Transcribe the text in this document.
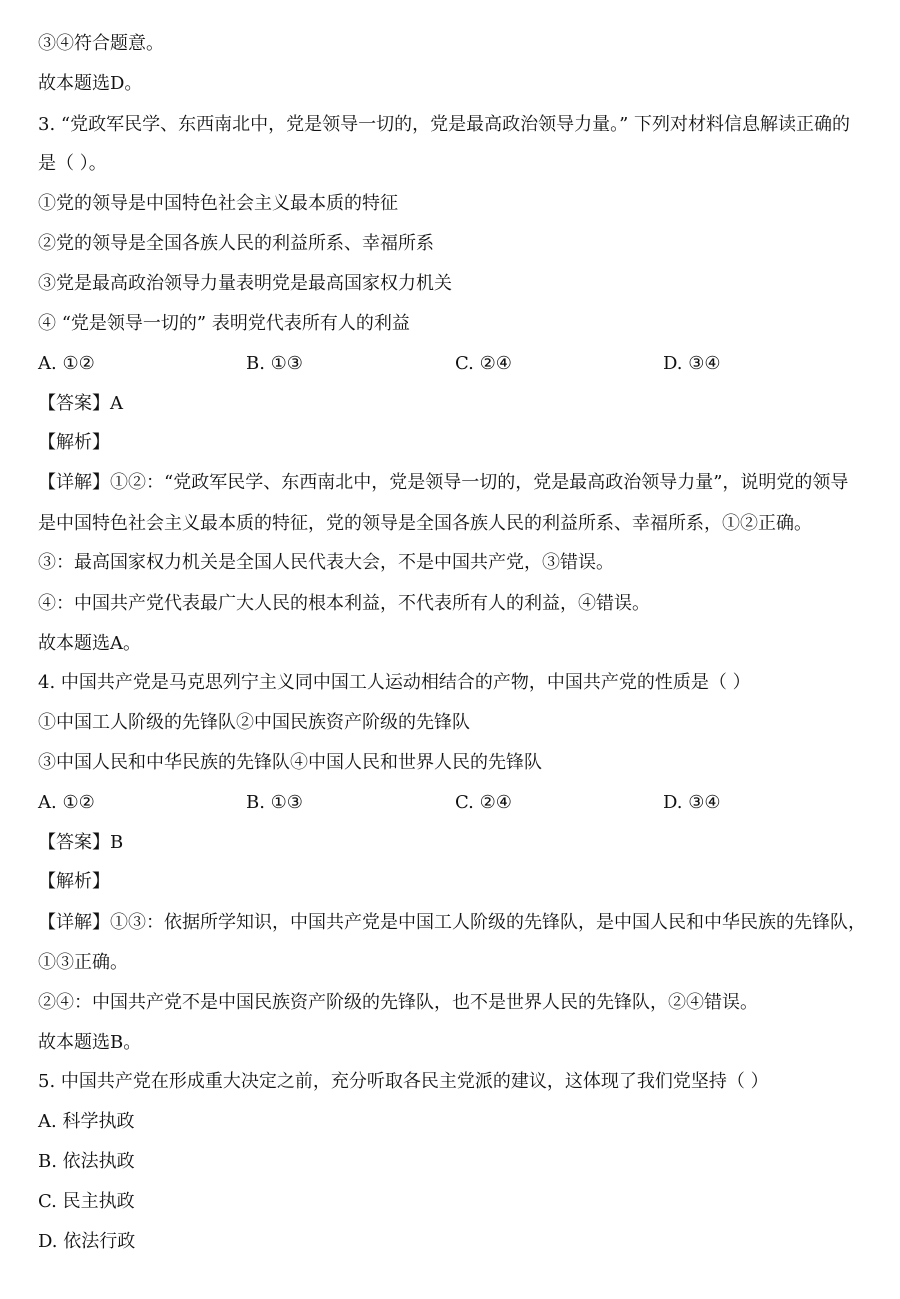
③④符合题意。
故本题选D。
3. “党政军民学、东西南北中，党是领导一切的，党是最高政治领导力量。” 下列对材料信息解读正确的
是（ ）。
①党的领导是中国特色社会主义最本质的特征
②党的领导是全国各族人民的利益所系、幸福所系
③党是最高政治领导力量表明党是最高国家权力机关
④ “党是领导一切的” 表明党代表所有人的利益
A. ①②	B. ①③	C. ②④	D. ③④
【答案】A
【解析】
【详解】①②：“党政军民学、东西南北中，党是领导一切的，党是最高政治领导力量”，说明党的领导
是中国特色社会主义最本质的特征，党的领导是全国各族人民的利益所系、幸福所系，①②正确。
③：最高国家权力机关是全国人民代表大会，不是中国共产党，③错误。
④：中国共产党代表最广大人民的根本利益，不代表所有人的利益，④错误。
故本题选A。
4. 中国共产党是马克思列宁主义同中国工人运动相结合的产物，中国共产党的性质是（ ）
①中国工人阶级的先锋队②中国民族资产阶级的先锋队
③中国人民和中华民族的先锋队④中国人民和世界人民的先锋队
A. ①②	B. ①③	C. ②④	D. ③④
【答案】B
【解析】
【详解】①③：依据所学知识，中国共产党是中国工人阶级的先锋队，是中国人民和中华民族的先锋队，
①③正确。
②④：中国共产党不是中国民族资产阶级的先锋队，也不是世界人民的先锋队，②④错误。
故本题选B。
5. 中国共产党在形成重大决定之前，充分听取各民主党派的建议，这体现了我们党坚持（ ）
A. 科学执政
B. 依法执政
C. 民主执政
D. 依法行政
